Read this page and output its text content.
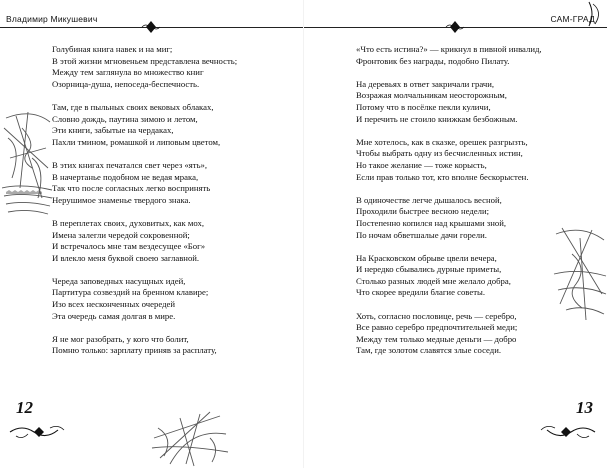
Владимир Микушевич
Голубиная книга навек и на миг;
В этой жизни мгновеньем представлена вечность;
Между тем заглянула во множество книг
Озорница-душа, непоседа-беспечность.
Там, где в пыльных своих вековых облаках,
Словно дождь, паутина зимою и летом,
Эти книги, забытые на чердаках,
Пахли тмином, ромашкой и липовым цветом,
В этих книгах печатался свет через «ять»,
В начертанье подобном не ведая мрака,
Так что после согласных легко воспринять
Нерушимое знаменье твердого знака.
В переплетах своих, духовитых, как мох,
Имена залегли чередой сокровенной;
И встречалось мне там вездесущее «Бог»
И влекло меня буквой своею заглавной.
Череда заповедных насущных идей,
Партитура созвездий на бренном клавире;
Изо всех несконченных очередей
Эта очередь самая долгая в мире.
Я не мог разобрать, у кого что болит,
Помню только: зарплату приняв за расплату,
12
САМ-ГРАД
«Что есть истина?» — крикнул в пивной инвалид,
Фронтовик без награды, подобно Пилату.
На деревьях в ответ закричали грачи,
Возражая молчальникам неосторожным,
Потому что в посёлке пекли куличи,
И перечить не стоило книжкам безбожным.
Мне хотелось, как в сказке, орешек разгрызть,
Чтобы выбрать одну из бесчисленных истин,
Но такое желание — тоже корысть,
Если прав только тот, кто вполне бескорыстен.
В одиночестве легче дышалось весной,
Проходили быстрее весною недели;
Постепенно копился над крышами зной,
По ночам обветшалые дачи горели.
На Красковском обрыве цвели вечера,
И нередко сбывались дурные приметы,
Столько разных людей мне желало добра,
Что скорее вредили благие советы.
Хоть, согласно пословице, речь — серебро,
Все равно серебро предпочтительней меди;
Между тем только медные деньги — добро
Там, где золотом славятся злые соседи.
13
